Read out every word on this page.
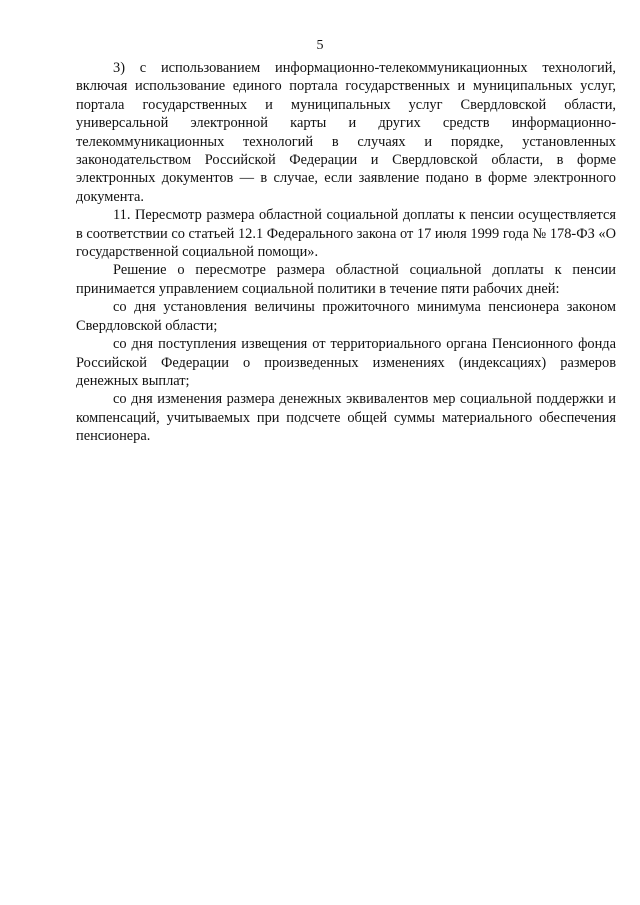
5

3) с использованием информационно-телекоммуникационных технологий, включая использование единого портала государственных и муниципальных услуг, портала государственных и муниципальных услуг Свердловской области, универсальной электронной карты и других средств информационно-телекоммуникационных технологий в случаях и порядке, установленных законодательством Российской Федерации и Свердловской области, в форме электронных документов — в случае, если заявление подано в форме электронного документа.

11. Пересмотр размера областной социальной доплаты к пенсии осуществляется в соответствии со статьей 12.1 Федерального закона от 17 июля 1999 года № 178-ФЗ «О государственной социальной помощи».

Решение о пересмотре размера областной социальной доплаты к пенсии принимается управлением социальной политики в течение пяти рабочих дней:

со дня установления величины прожиточного минимума пенсионера законом Свердловской области;

со дня поступления извещения от территориального органа Пенсионного фонда Российской Федерации о произведенных изменениях (индексациях) размеров денежных выплат;

со дня изменения размера денежных эквивалентов мер социальной поддержки и компенсаций, учитываемых при подсчете общей суммы материального обеспечения пенсионера.
